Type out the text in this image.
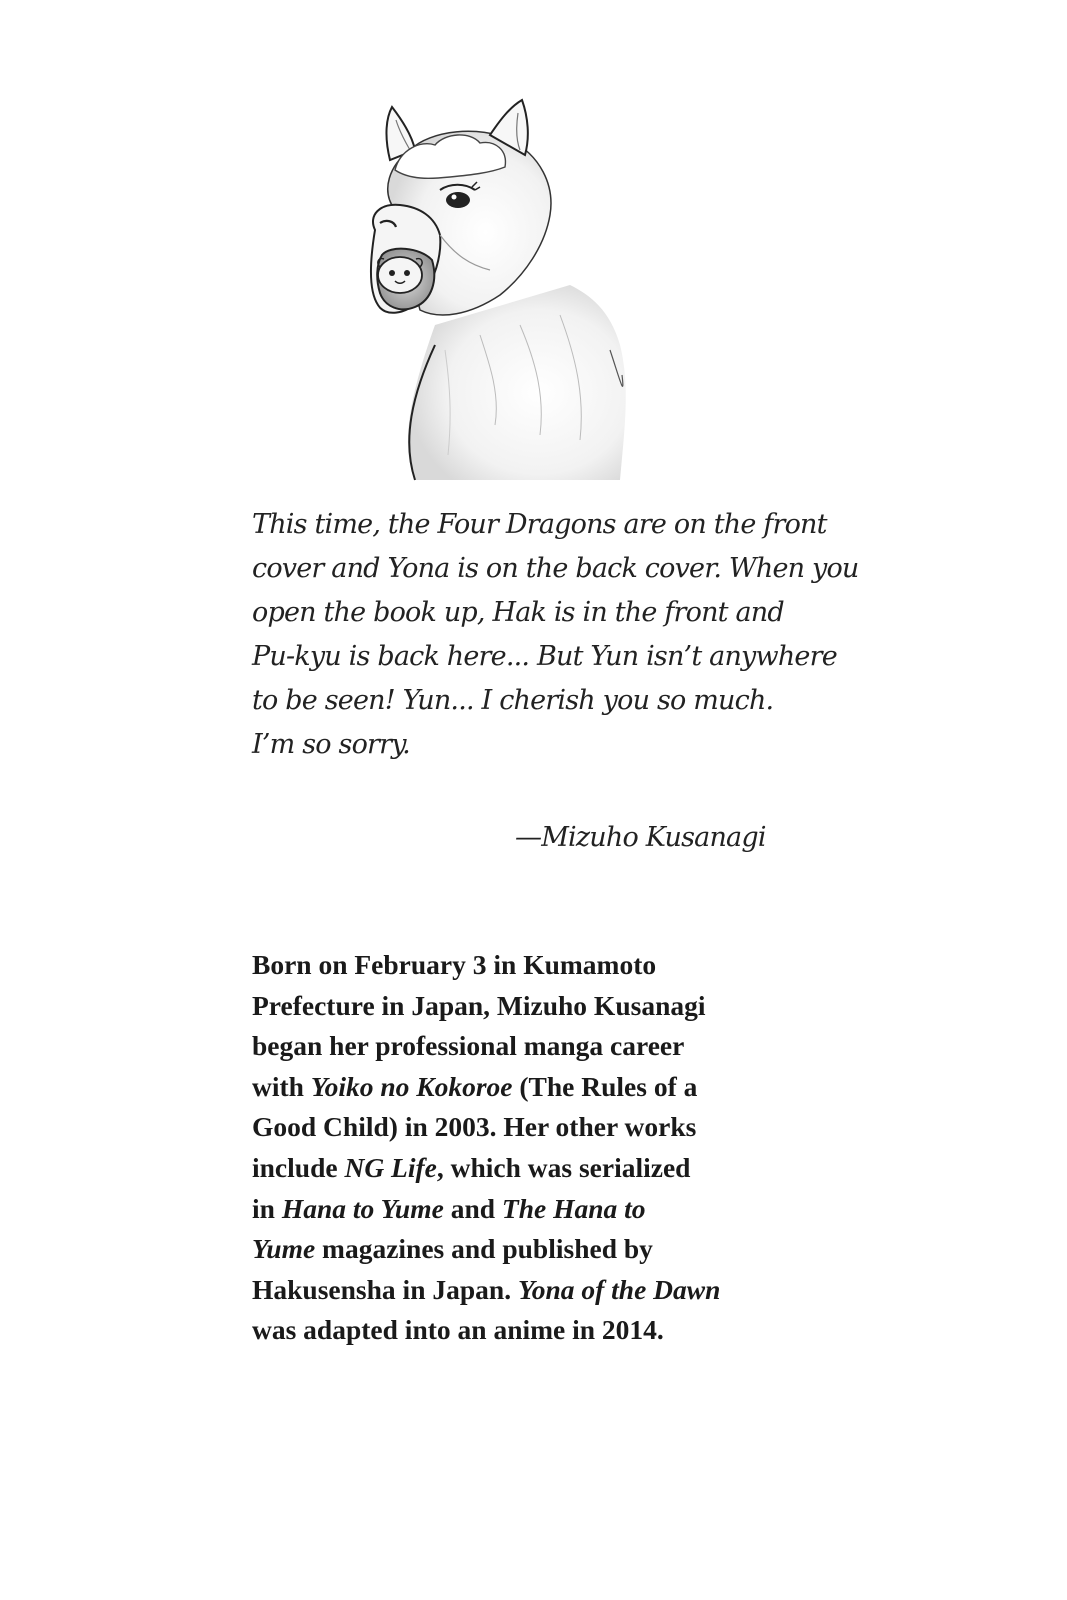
This time, the Four Dragons are on the front
cover and Yona is on the back cover. When you
open the book up, Hak is in the front and
Pu-kyu is back here... But Yun isn’t anywhere
to be seen! Yun... I cherish you so much.
I’m so sorry.
—Mizuho Kusanagi
Born on February 3 in Kumamoto
Prefecture in Japan, Mizuho Kusanagi
began her professional manga career
with Yoiko no Kokoroe (The Rules of a
Good Child) in 2003. Her other works
include NG Life, which was serialized
in Hana to Yume and The Hana to
Yume magazines and published by
Hakusensha in Japan. Yona of the Dawn
was adapted into an anime in 2014.
